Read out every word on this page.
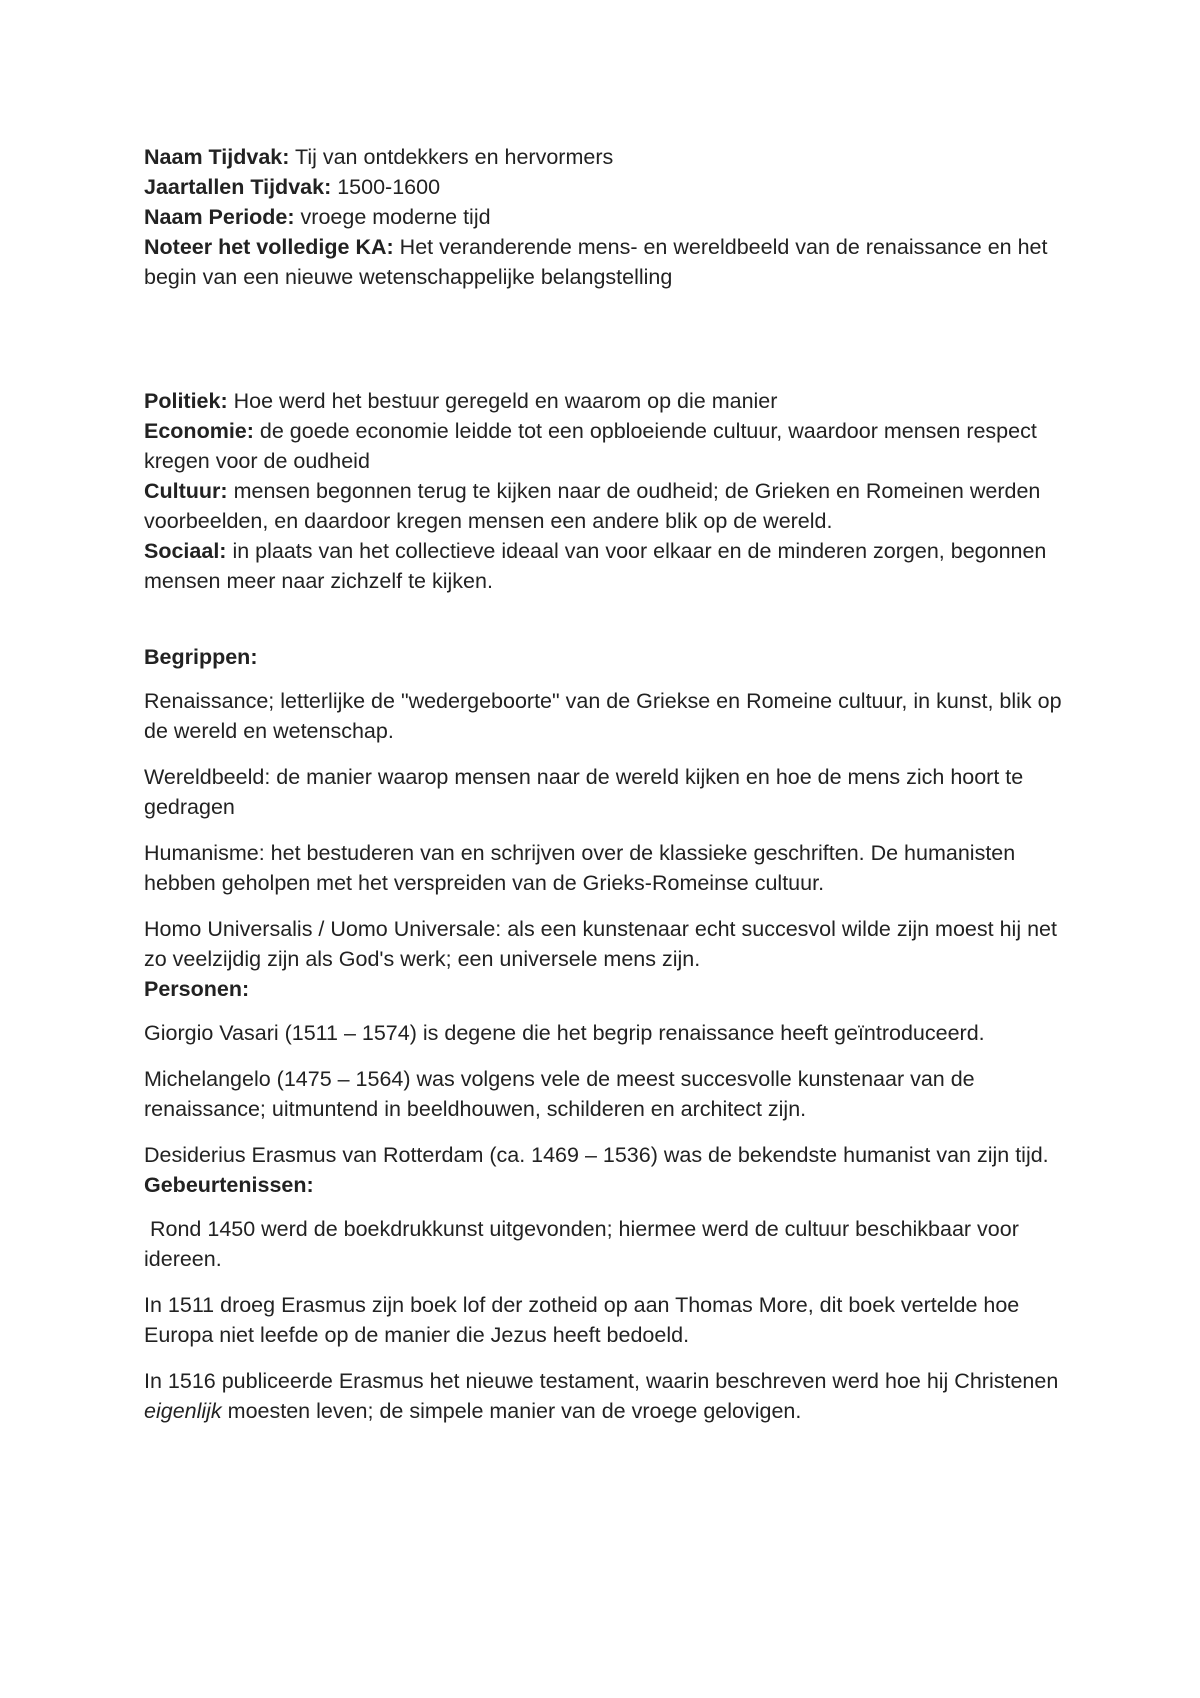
Naam Tijdvak: Tij van ontdekkers en hervormers
Jaartallen Tijdvak: 1500-1600
Naam Periode: vroege moderne tijd
Noteer het volledige KA: Het veranderende mens- en wereldbeeld van de renaissance en het begin van een nieuwe wetenschappelijke belangstelling
Politiek: Hoe werd het bestuur geregeld en waarom op die manier
Economie: de goede economie leidde tot een opbloeiende cultuur, waardoor mensen respect kregen voor de oudheid
Cultuur: mensen begonnen terug te kijken naar de oudheid; de Grieken en Romeinen werden voorbeelden, en daardoor kregen mensen een andere blik op de wereld.
Sociaal: in plaats van het collectieve ideaal van voor elkaar en de minderen zorgen, begonnen mensen meer naar zichzelf te kijken.
Begrippen:

Renaissance; letterlijke de "wedergeboorte" van de Griekse en Romeine cultuur, in kunst, blik op de wereld en wetenschap.

Wereldbeeld: de manier waarop mensen naar de wereld kijken en hoe de mens zich hoort te gedragen

Humanisme: het bestuderen van en schrijven over de klassieke geschriften. De humanisten hebben geholpen met het verspreiden van de Grieks-Romeinse cultuur.

Homo Universalis / Uomo Universale: als een kunstenaar echt succesvol wilde zijn moest hij net zo veelzijdig zijn als God's werk; een universele mens zijn.

Personen:

Giorgio Vasari (1511 – 1574) is degene die het begrip renaissance heeft geïntroduceerd.

Michelangelo (1475 – 1564) was volgens vele de meest succesvolle kunstenaar van de renaissance; uitmuntend in beeldhouwen, schilderen en architect zijn.

Desiderius Erasmus van Rotterdam (ca. 1469 – 1536) was de bekendste humanist van zijn tijd.

Gebeurtenissen:

Rond 1450 werd de boekdrukkunst uitgevonden; hiermee werd de cultuur beschikbaar voor idereen.

In 1511 droeg Erasmus zijn boek lof der zotheid op aan Thomas More, dit boek vertelde hoe Europa niet leefde op de manier die Jezus heeft bedoeld.

In 1516 publiceerde Erasmus het nieuwe testament, waarin beschreven werd hoe hij Christenen eigenlijk moesten leven; de simpele manier van de vroege gelovigen.
